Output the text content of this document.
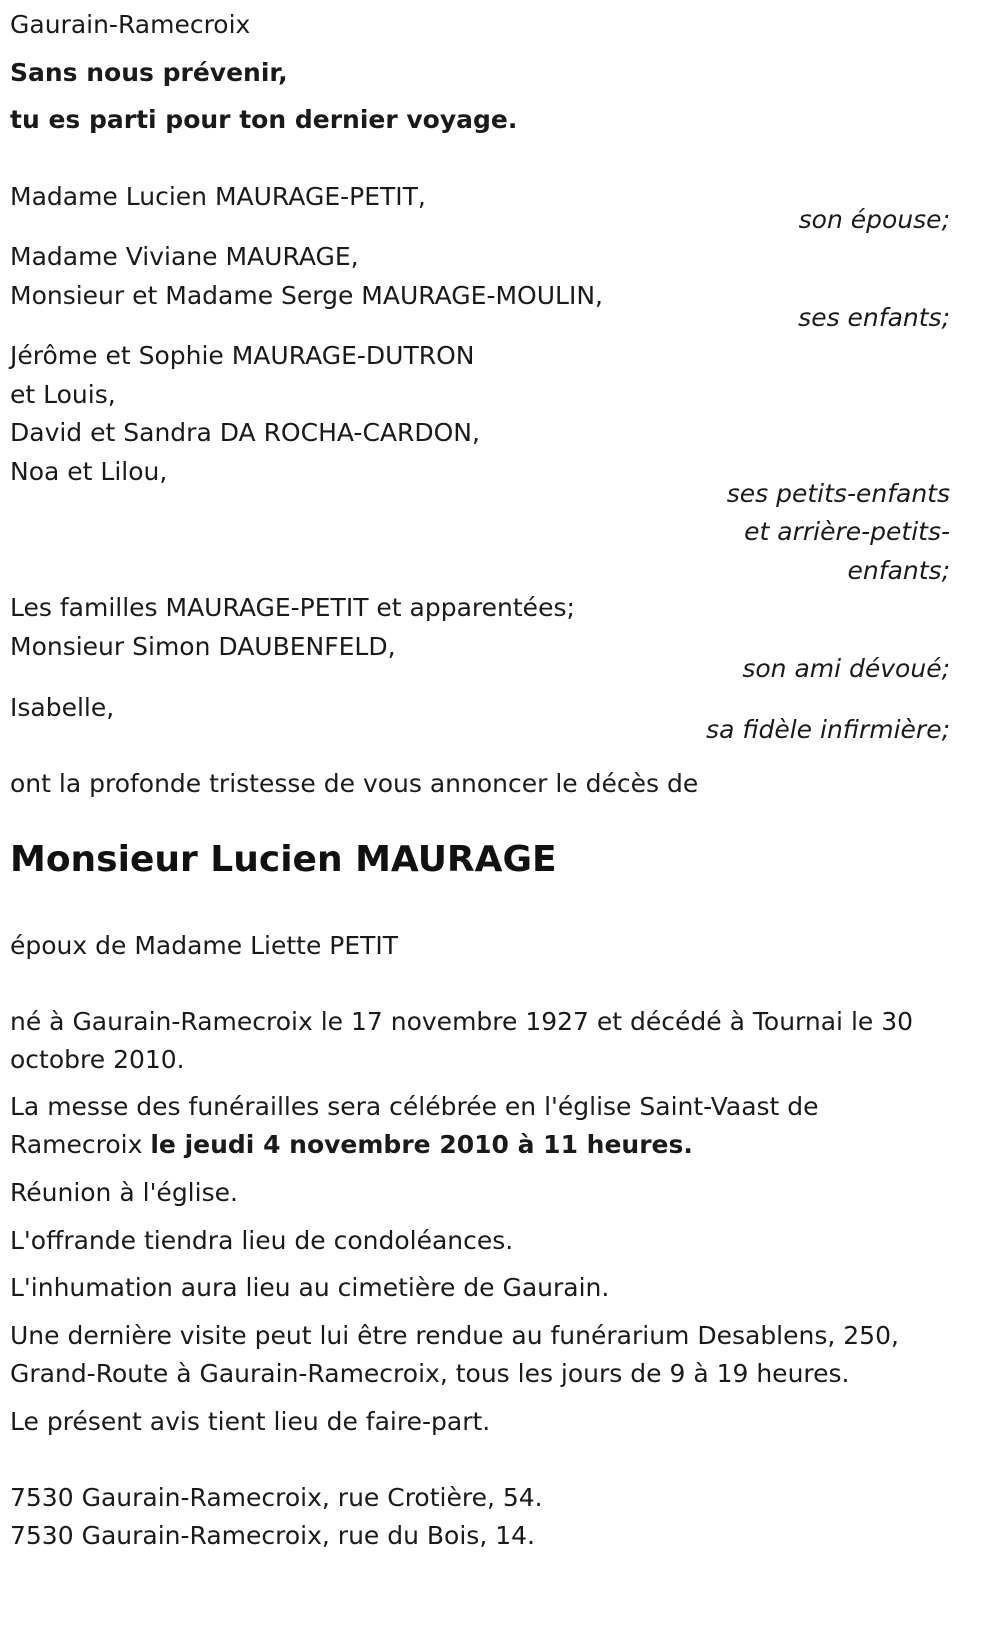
Gaurain-Ramecroix

Sans nous prévenir,

tu es parti pour ton dernier voyage.

Madame Lucien MAURAGE-PETIT,

son épouse;

Madame Viviane MAURAGE,

Monsieur et Madame Serge MAURAGE-MOULIN,

ses enfants;

Jérôme et Sophie MAURAGE-DUTRON

et Louis,

David et Sandra DA ROCHA-CARDON,

Noa et Lilou,

ses petits-enfants

et arrière-petits-

enfants;

Les familles MAURAGE-PETIT et apparentées;

Monsieur Simon DAUBENFELD,

son ami dévoué;

Isabelle,

sa fidèle infirmière;

ont la profonde tristesse de vous annoncer le décès de

Monsieur Lucien MAURAGE

époux de Madame Liette PETIT

né à Gaurain-Ramecroix le 17 novembre 1927 et décédé à Tournai le 30

octobre 2010.

La messe des funérailles sera célébrée en l'église Saint-Vaast de

Ramecroix le jeudi 4 novembre 2010 à 11 heures.

Réunion à l'église.

L'offrande tiendra lieu de condoléances.

L'inhumation aura lieu au cimetière de Gaurain.

Une dernière visite peut lui être rendue au funérarium Desablens, 250,

Grand-Route à Gaurain-Ramecroix, tous les jours de 9 à 19 heures.

Le présent avis tient lieu de faire-part.

7530 Gaurain-Ramecroix, rue Crotière, 54.

7530 Gaurain-Ramecroix, rue du Bois, 14.
